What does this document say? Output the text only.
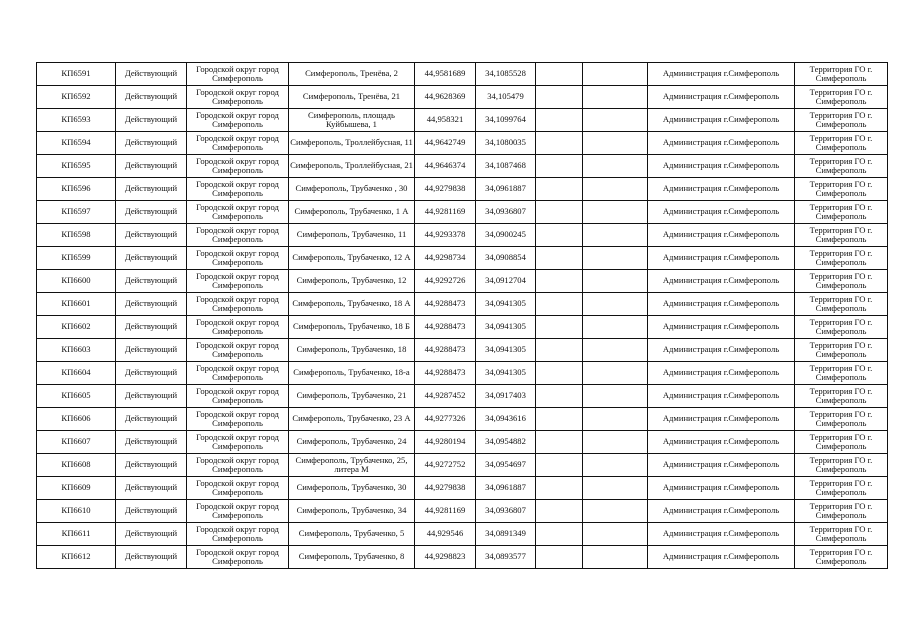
КП6591	Действующий	Городской округ город Симферополь	Симферополь, Тренёва, 2	44,9581689	34,1085528			Администрация г.Симферополь	Территория ГО г. Симферополь
КП6592	Действующий	Городской округ город Симферополь	Симферополь, Тренёва, 21	44,9628369	34,105479			Администрация г.Симферополь	Территория ГО г. Симферополь
КП6593	Действующий	Городской округ город Симферополь	Симферополь, площадь Куйбышева, 1	44,958321	34,1099764			Администрация г.Симферополь	Территория ГО г. Симферополь
КП6594	Действующий	Городской округ город Симферополь	Симферополь, Троллейбусная, 11	44,9642749	34,1080035			Администрация г.Симферополь	Территория ГО г. Симферополь
КП6595	Действующий	Городской округ город Симферополь	Симферополь, Троллейбусная, 21	44,9646374	34,1087468			Администрация г.Симферополь	Территория ГО г. Симферополь
КП6596	Действующий	Городской округ город Симферополь	Симферополь, Трубаченко , 30	44,9279838	34,0961887			Администрация г.Симферополь	Территория ГО г. Симферополь
КП6597	Действующий	Городской округ город Симферополь	Симферополь, Трубаченко, 1 А	44,9281169	34,0936807			Администрация г.Симферополь	Территория ГО г. Симферополь
КП6598	Действующий	Городской округ город Симферополь	Симферополь, Трубаченко, 11	44,9293378	34,0900245			Администрация г.Симферополь	Территория ГО г. Симферополь
КП6599	Действующий	Городской округ город Симферополь	Симферополь, Трубаченко, 12 А	44,9298734	34,0908854			Администрация г.Симферополь	Территория ГО г. Симферополь
КП6600	Действующий	Городской округ город Симферополь	Симферополь, Трубаченко, 12	44,9292726	34,0912704			Администрация г.Симферополь	Территория ГО г. Симферополь
КП6601	Действующий	Городской округ город Симферополь	Симферополь, Трубаченко, 18 А	44,9288473	34,0941305			Администрация г.Симферополь	Территория ГО г. Симферополь
КП6602	Действующий	Городской округ город Симферополь	Симферополь, Трубаченко, 18 Б	44,9288473	34,0941305			Администрация г.Симферополь	Территория ГО г. Симферополь
КП6603	Действующий	Городской округ город Симферополь	Симферополь, Трубаченко, 18	44,9288473	34,0941305			Администрация г.Симферополь	Территория ГО г. Симферополь
КП6604	Действующий	Городской округ город Симферополь	Симферополь, Трубаченко, 18-а	44,9288473	34,0941305			Администрация г.Симферополь	Территория ГО г. Симферополь
КП6605	Действующий	Городской округ город Симферополь	Симферополь, Трубаченко, 21	44,9287452	34,0917403			Администрация г.Симферополь	Территория ГО г. Симферополь
КП6606	Действующий	Городской округ город Симферополь	Симферополь, Трубаченко, 23 А	44,9277326	34,0943616			Администрация г.Симферополь	Территория ГО г. Симферополь
КП6607	Действующий	Городской округ город Симферополь	Симферополь, Трубаченко, 24	44,9280194	34,0954882			Администрация г.Симферополь	Территория ГО г. Симферополь
КП6608	Действующий	Городской округ город Симферополь	Симферополь, Трубаченко, 25, литера М	44,9272752	34,0954697			Администрация г.Симферополь	Территория ГО г. Симферополь
КП6609	Действующий	Городской округ город Симферополь	Симферополь, Трубаченко, 30	44,9279838	34,0961887			Администрация г.Симферополь	Территория ГО г. Симферополь
КП6610	Действующий	Городской округ город Симферополь	Симферополь, Трубаченко, 34	44,9281169	34,0936807			Администрация г.Симферополь	Территория ГО г. Симферополь
КП6611	Действующий	Городской округ город Симферополь	Симферополь, Трубаченко, 5	44,929546	34,0891349			Администрация г.Симферополь	Территория ГО г. Симферополь
КП6612	Действующий	Городской округ город Симферополь	Симферополь, Трубаченко, 8	44,9298823	34,0893577			Администрация г.Симферополь	Территория ГО г. Симферополь
